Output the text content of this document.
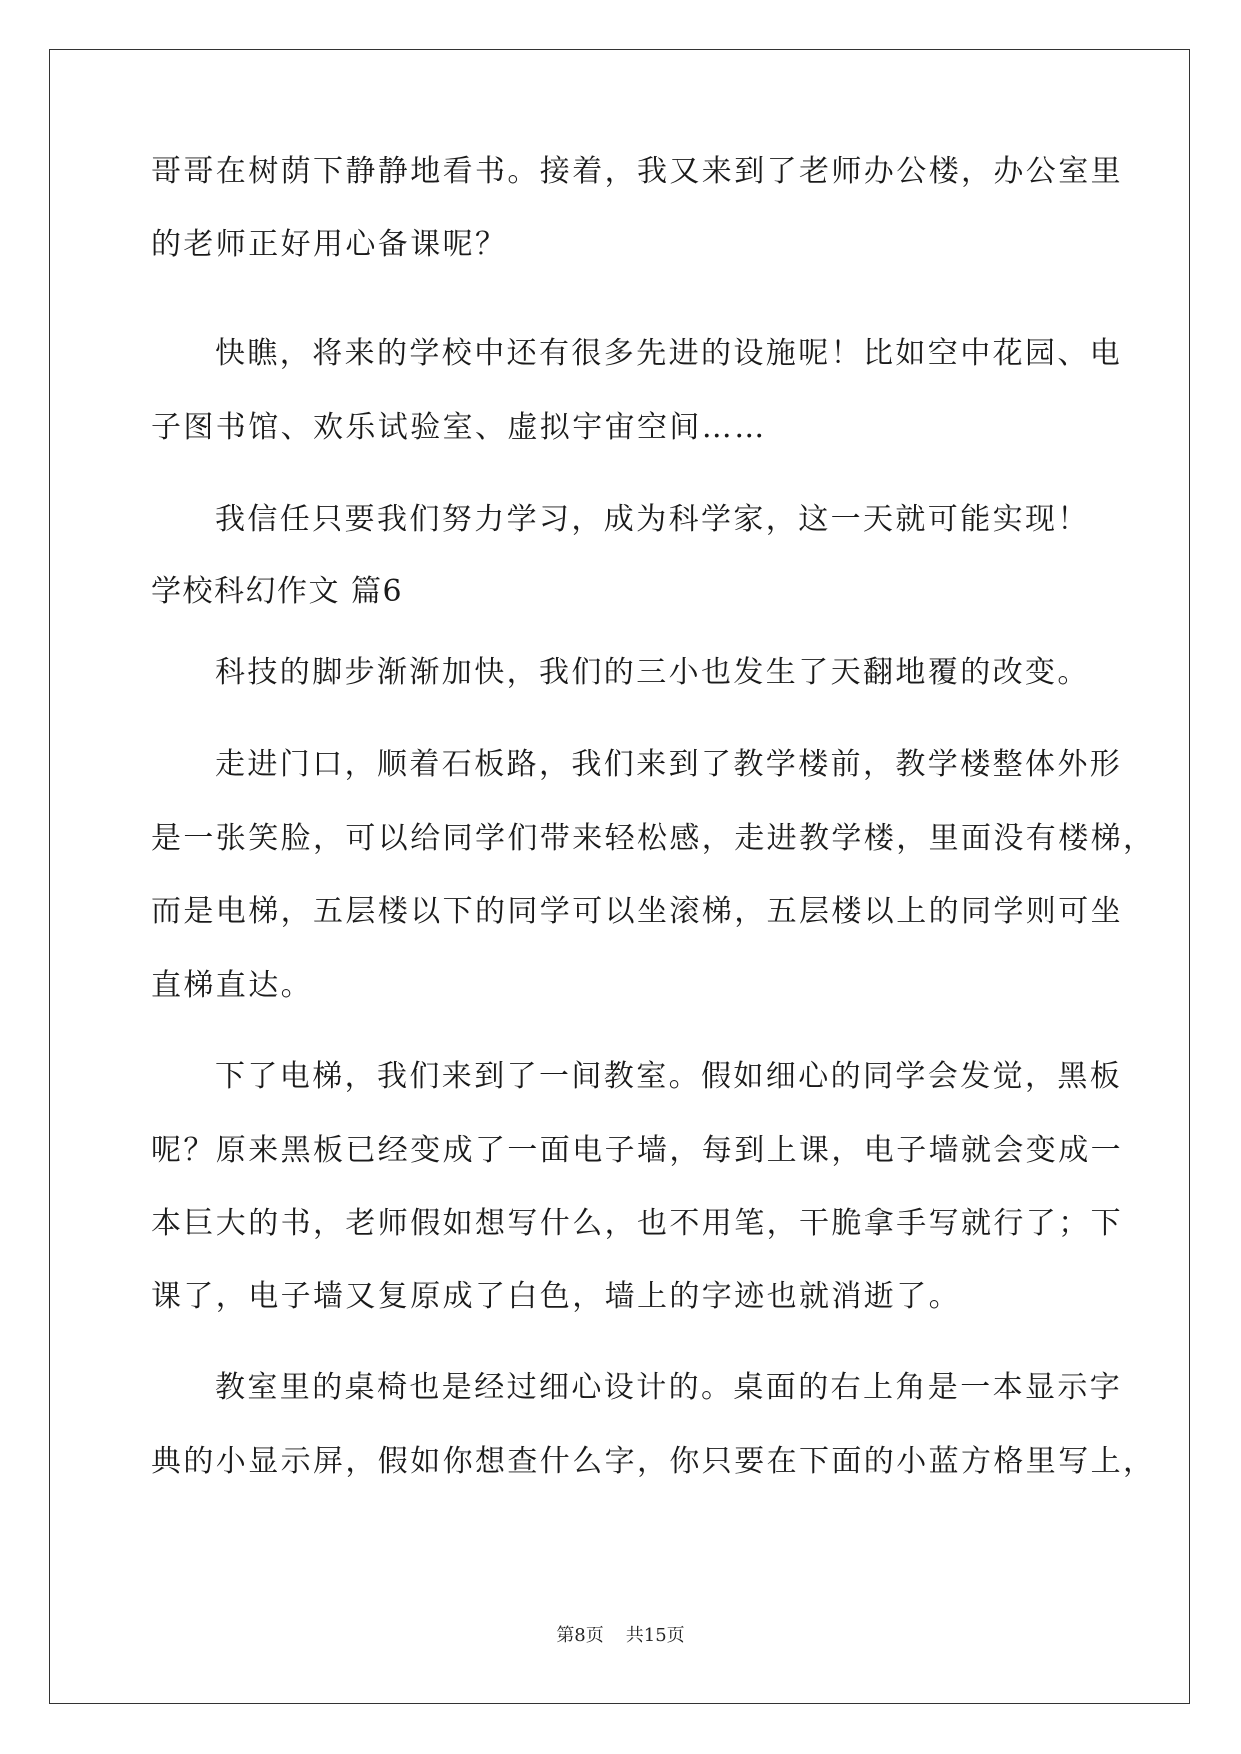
哥哥在树荫下静静地看书。接着，我又来到了老师办公楼，办公室里
的老师正好用心备课呢？
快瞧，将来的学校中还有很多先进的设施呢！比如空中花园、电
子图书馆、欢乐试验室、虚拟宇宙空间……
我信任只要我们努力学习，成为科学家，这一天就可能实现！
学校科幻作文 篇6
科技的脚步渐渐加快，我们的三小也发生了天翻地覆的改变。
走进门口，顺着石板路，我们来到了教学楼前，教学楼整体外形
是一张笑脸，可以给同学们带来轻松感，走进教学楼，里面没有楼梯，
而是电梯，五层楼以下的同学可以坐滚梯，五层楼以上的同学则可坐
直梯直达。
下了电梯，我们来到了一间教室。假如细心的同学会发觉，黑板
呢？原来黑板已经变成了一面电子墙，每到上课，电子墙就会变成一
本巨大的书，老师假如想写什么，也不用笔，干脆拿手写就行了；下
课了，电子墙又复原成了白色，墙上的字迹也就消逝了。
教室里的桌椅也是经过细心设计的。桌面的右上角是一本显示字
典的小显示屏，假如你想查什么字，你只要在下面的小蓝方格里写上，
第8页 共15页
